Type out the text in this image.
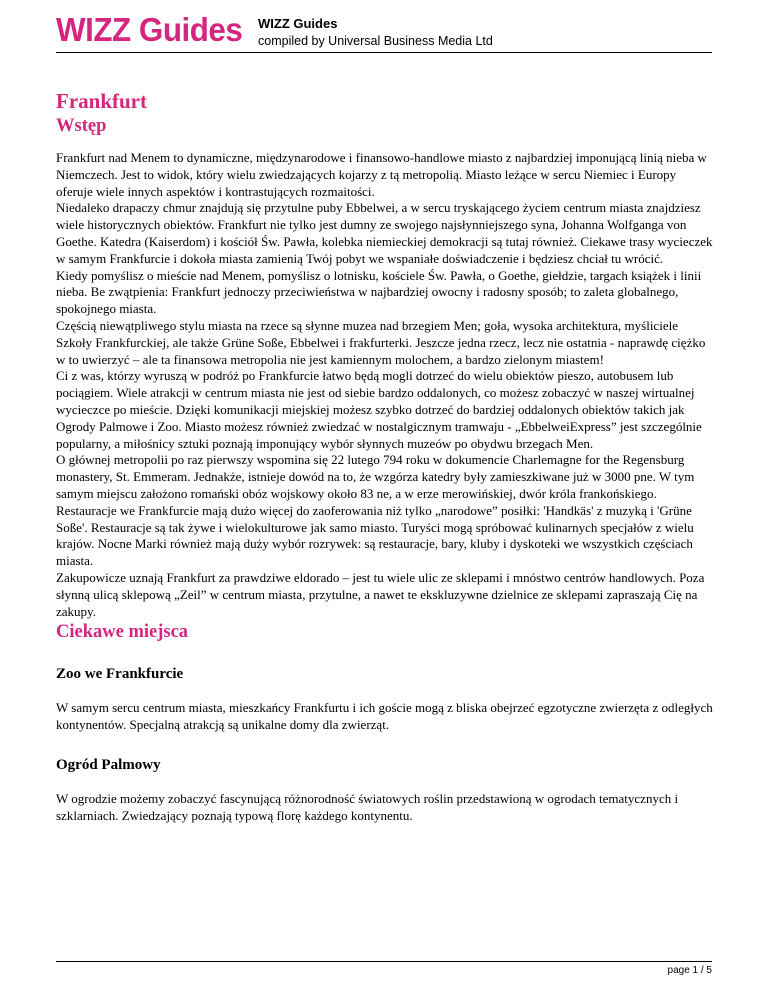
WIZZ Guides WIZZ Guides
compiled by Universal Business Media Ltd
Frankfurt
Wstęp

Frankfurt nad Menem to dynamiczne, międzynarodowe i finansowo-handlowe miasto z najbardziej imponującą linią nieba w Niemczech. Jest to widok, który wielu zwiedzających kojarzy z tą metropolią. Miasto leżące w sercu Niemiec i Europy oferuje wiele innych aspektów i kontrastujących rozmaitości.

Niedaleko drapaczy chmur znajdują się przytulne puby Ebbelwei, a w sercu tryskającego życiem centrum miasta znajdziesz wiele historycznych obiektów. Frankfurt nie tylko jest dumny ze swojego najsłynniejszego syna, Johanna Wolfganga von Goethe. Katedra (Kaiserdom) i kościół Św. Pawła, kolebka niemieckiej demokracji są tutaj również. Ciekawe trasy wycieczek w samym Frankfurcie i dokoła miasta zamienią Twój pobyt we wspaniałe doświadczenie i będziesz chciał tu wrócić.

Kiedy pomyślisz o mieście nad Menem, pomyślisz o lotnisku, kościele Św. Pawła, o Goethe, giełdzie, targach książek i linii nieba. Be zwątpienia: Frankfurt jednoczy przeciwieństwa w najbardziej owocny i radosny sposób; to zaleta globalnego, spokojnego miasta.

Częścią niewątpliwego stylu miasta na rzece są słynne muzea nad brzegiem Men; goła, wysoka architektura, myśliciele Szkoły Frankfurckiej, ale także Grüne Soße, Ebbelwei i frakfurterki. Jeszcze jedna rzecz, lecz nie ostatnia - naprawdę ciężko w to uwierzyć – ale ta finansowa metropolia nie jest kamiennym molochem, a bardzo zielonym miastem!

Ci z was, którzy wyruszą w podróż po Frankfurcie łatwo będą mogli dotrzeć do wielu obiektów pieszo, autobusem lub pociągiem. Wiele atrakcji w centrum miasta nie jest od siebie bardzo oddalonych, co możesz zobaczyć w naszej wirtualnej wycieczce po mieście. Dzięki komunikacji miejskiej możesz szybko dotrzeć do bardziej oddalonych obiektów takich jak Ogrody Palmowe i Zoo. Miasto możesz również zwiedzać w nostalgicznym tramwaju - „EbbelweiExpress” jest szczególnie popularny, a miłośnicy sztuki poznają imponujący wybór słynnych muzeów po obydwu brzegach Men.

O głównej metropolii po raz pierwszy wspomina się 22 lutego 794 roku w dokumencie Charlemagne for the Regensburg monastery, St. Emmeram. Jednakże, istnieje dowód na to, że wzgórza katedry były zamieszkiwane już w 3000 pne. W tym samym miejscu założono romański obóz wojskowy około 83 ne, a w erze merowińskiej, dwór króla frankońskiego.

Restauracje we Frankfurcie mają dużo więcej do zaoferowania niż tylko „narodowe” posiłki: 'Handkäs' z muzyką i 'Grüne Soße'. Restauracje są tak żywe i wielokulturowe jak samo miasto. Turyści mogą spróbować kulinarnych specjałów z wielu krajów. Nocne Marki również mają duży wybór rozrywek: są restauracje, bary, kluby i dyskoteki we wszystkich częściach miasta.

Zakupowicze uznają Frankfurt za prawdziwe eldorado – jest tu wiele ulic ze sklepami i mnóstwo centrów handlowych. Poza słynną ulicą sklepową „Zeil” w centrum miasta, przytulne, a nawet te ekskluzywne dzielnice ze sklepami zapraszają Cię na zakupy.

Ciekawe miejsca
Zoo we Frankfurcie

W samym sercu centrum miasta, mieszkańcy Frankfurtu i ich goście mogą z bliska obejrzeć egzotyczne zwierzęta z odległych kontynentów. Specjalną atrakcją są unikalne domy dla zwierząt.

Ogród Palmowy

W ogrodzie możemy zobaczyć fascynującą różnorodność światowych roślin przedstawioną w ogrodach tematycznych i szklarniach. Zwiedzający poznają typową florę każdego kontynentu.

page 1 / 5
